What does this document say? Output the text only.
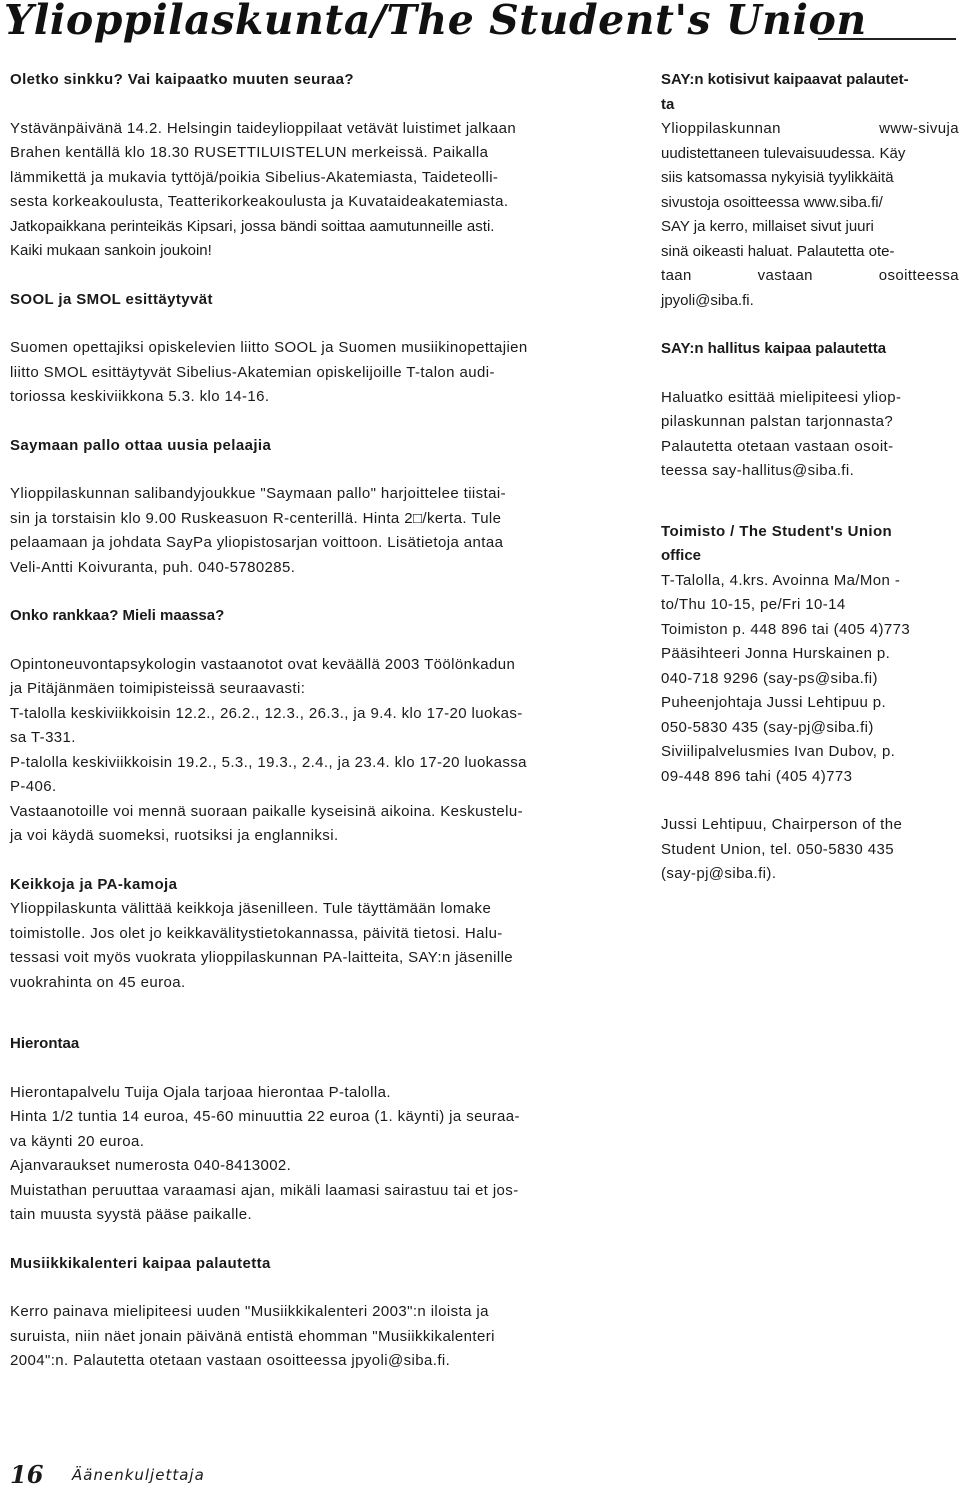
Ylioppilaskunta/The Student's Union
Oletko sinkku? Vai kaipaatko muuten seuraa?

Ystävänpäivänä 14.2. Helsingin taideylioppilaat vetävät luistimet jalkaan

Brahen kentällä klo 18.30 RUSETTILUISTELUN merkeissä. Paikalla

lämmikettä ja mukavia tyttöjä/poikia Sibelius-Akatemiasta, Taideteolli-

sesta korkeakoulusta, Teatterikorkeakoulusta ja Kuvataideakatemiasta.

Jatkopaikkana perinteikäs Kipsari, jossa bändi soittaa aamutunneille asti.

Kaiki mukaan sankoin joukoin!

SOOL ja SMOL esittäytyvät

Suomen opettajiksi opiskelevien liitto SOOL ja Suomen musiikinopettajien

liitto SMOL esittäytyvät Sibelius-Akatemian opiskelijoille T-talon audi-

toriossa keskiviikkona 5.3. klo 14-16.

Saymaan pallo ottaa uusia pelaajia

Ylioppilaskunnan salibandyjoukkue "Saymaan pallo" harjoittelee tiistai-

sin ja torstaisin klo 9.00 Ruskeasuon R-centerillä. Hinta 2□/kerta. Tule

pelaamaan ja johdata SayPa yliopistosarjan voittoon. Lisätietoja antaa

Veli-Antti Koivuranta, puh. 040-5780285.

Onko rankkaa? Mieli maassa?

Opintoneuvontapsykologin vastaanotot ovat keväällä 2003 Töölönkadun

ja Pitäjänmäen toimipisteissä seuraavasti:

T-talolla keskiviikkoisin 12.2., 26.2., 12.3., 26.3., ja 9.4. klo 17-20 luokas-

sa T-331.

P-talolla keskiviikkoisin 19.2., 5.3., 19.3., 2.4., ja 23.4. klo 17-20 luokassa

P-406.

Vastaanotoille voi mennä suoraan paikalle kyseisinä aikoina. Keskustelu-

ja voi käydä suomeksi, ruotsiksi ja englanniksi.

Keikkoja ja PA-kamoja

Ylioppilaskunta välittää keikkoja jäsenilleen. Tule täyttämään lomake

toimistolle. Jos olet jo keikkavälitystietokannassa, päivitä tietosi. Halu-

tessasi voit myös vuokrata ylioppilaskunnan PA-laitteita, SAY:n jäsenille

vuokrahinta on 45 euroa.

SAY:n kotisivut kaipaavat palautet-
ta

Ylioppilaskunnan www-sivuja

uudistettaneen tulevaisuudessa. Käy

siis katsomassa nykyisiä tyylikkäitä

sivustoja osoitteessa www.siba.fi/

SAY ja kerro, millaiset sivut juuri

sinä oikeasti haluat. Palautetta ote-

taan vastaan osoitteessa

jpyoli@siba.fi.

SAY:n hallitus kaipaa palautetta

Haluatko esittää mielipiteesi yliop-

pilaskunnan palstan tarjonnasta?

Palautetta otetaan vastaan osoit-

teessa say-hallitus@siba.fi.

Toimisto / The Student's Union
office

T-Talolla, 4.krs. Avoinna Ma/Mon -

to/Thu 10-15, pe/Fri 10-14

Toimiston p. 448 896 tai (405 4)773

Pääsihteeri Jonna Hurskainen p.

040-718 9296 (say-ps@siba.fi)

Puheenjohtaja Jussi Lehtipuu p.

050-5830 435 (say-pj@siba.fi)

Siviilipalvelusmies Ivan Dubov, p.

09-448 896 tahi (405 4)773

Jussi Lehtipuu, Chairperson of the

Student Union, tel. 050-5830 435

(say-pj@siba.fi).

Hierontaa

Hierontapalvelu Tuija Ojala tarjoaa hierontaa P-talolla.

Hinta 1/2 tuntia 14 euroa, 45-60 minuuttia 22 euroa (1. käynti) ja seuraa-

va käynti 20 euroa.

Ajanvaraukset numerosta 040-8413002.

Muistathan peruuttaa varaamasi ajan, mikäli laamasi sairastuu tai et jos-

tain muusta syystä pääse paikalle.

Musiikkikalenteri kaipaa palautetta

Kerro painava mielipiteesi uuden "Musiikkikalenteri 2003":n iloista ja

suruista, niin näet jonain päivänä entistä ehomman "Musiikkikalenteri

2004":n. Palautetta otetaan vastaan osoitteessa jpyoli@siba.fi.

16 Äänenkuljettaja
